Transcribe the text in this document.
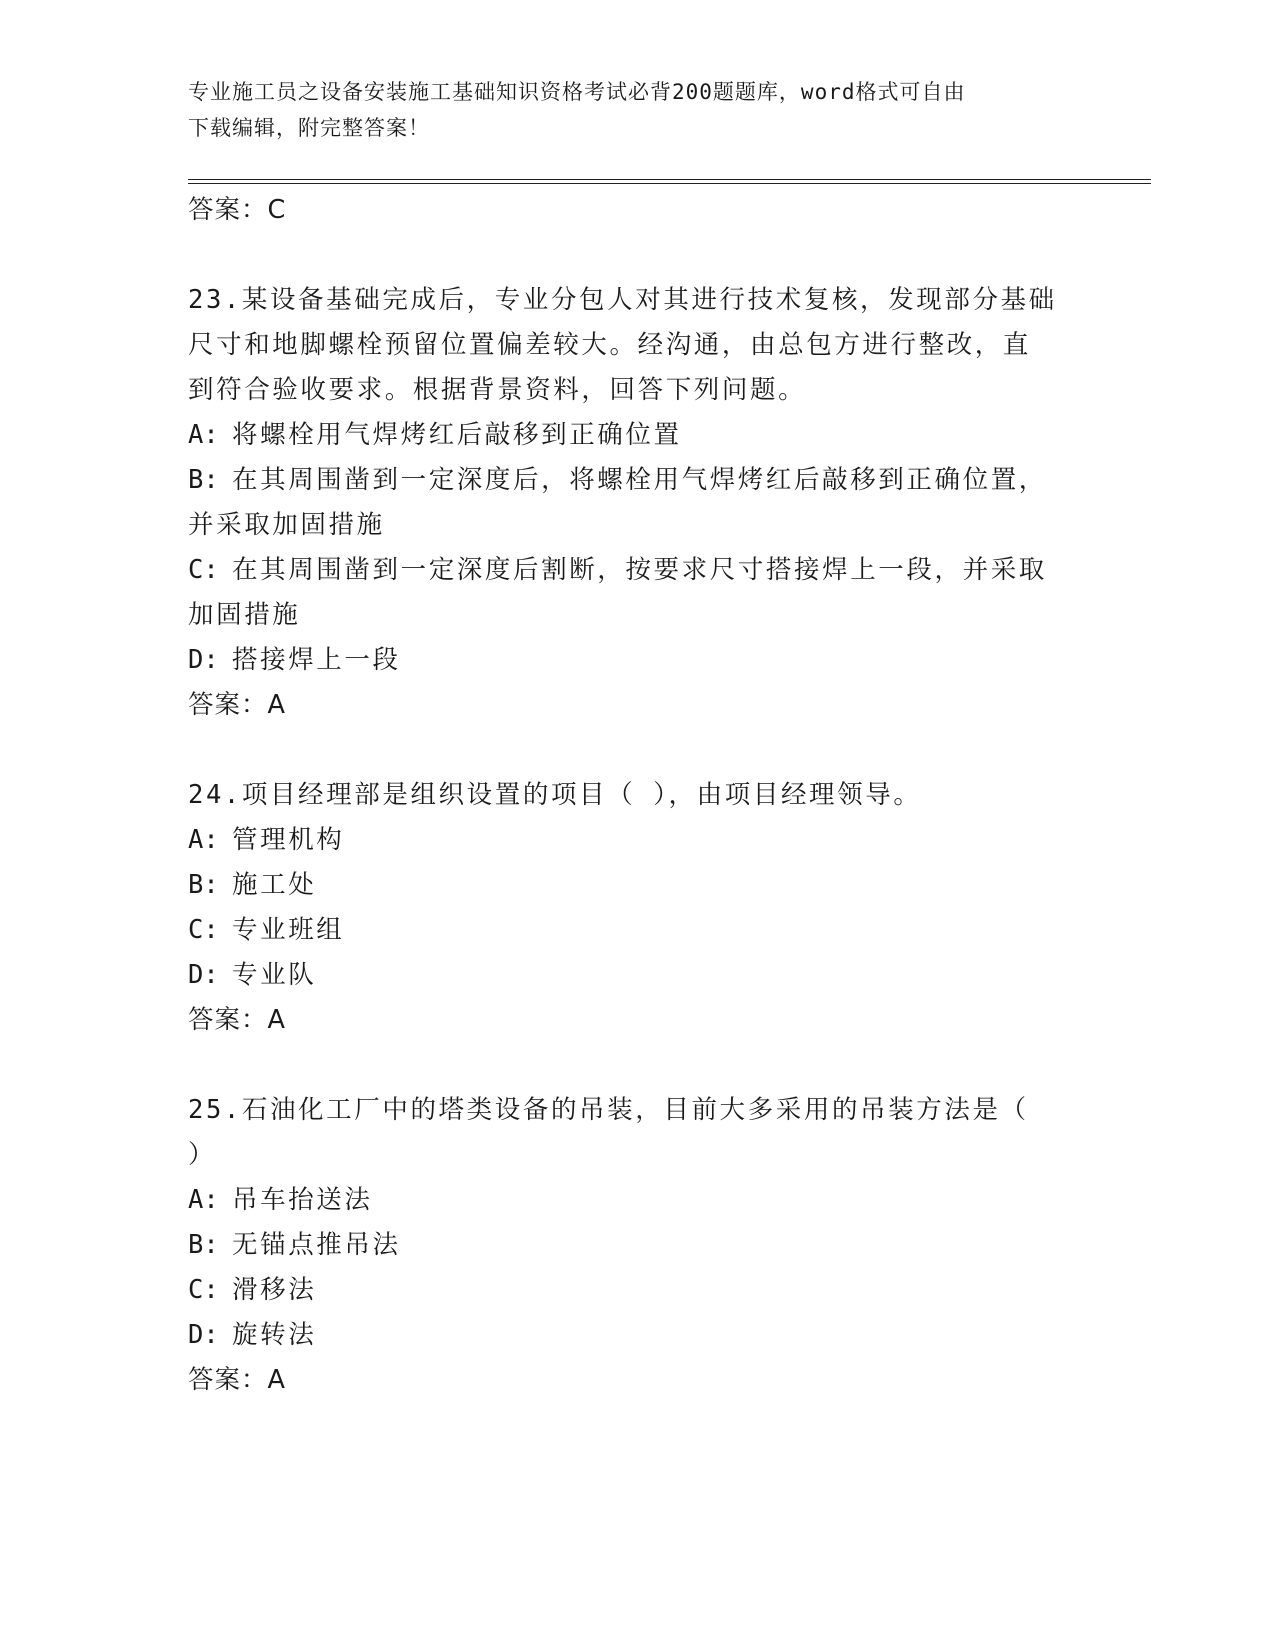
专业施工员之设备安装施工基础知识资格考试必背200题题库，word格式可自由
下载编辑，附完整答案！

答案：C

23.某设备基础完成后，专业分包人对其进行技术复核，发现部分基础

尺寸和地脚螺栓预留位置偏差较大。经沟通，由总包方进行整改，直

到符合验收要求。根据背景资料，回答下列问题。

A: 将螺栓用气焊烤红后敲移到正确位置

B: 在其周围凿到一定深度后，将螺栓用气焊烤红后敲移到正确位置，

并采取加固措施

C: 在其周围凿到一定深度后割断，按要求尺寸搭接焊上一段，并采取

加固措施

D: 搭接焊上一段

答案：A

24.项目经理部是组织设置的项目（ ），由项目经理领导。

A: 管理机构

B: 施工处

C: 专业班组

D: 专业队

答案：A

25.石油化工厂中的塔类设备的吊装，目前大多采用的吊装方法是（

）

A: 吊车抬送法

B: 无锚点推吊法

C: 滑移法

D: 旋转法

答案：A
